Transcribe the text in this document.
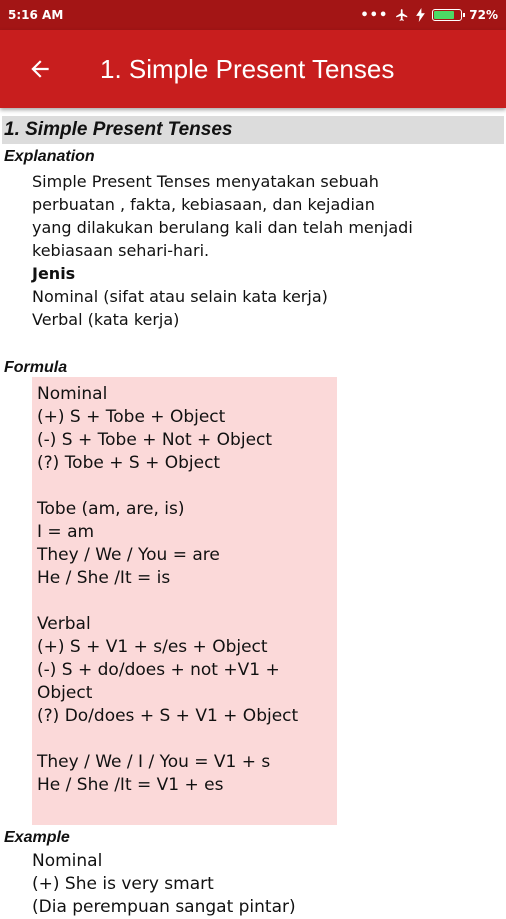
5:16 AM	•••	72%
1. Simple Present Tenses
1. Simple Present Tenses
Explanation
Simple Present Tenses menyatakan sebuah
perbuatan , fakta, kebiasaan, dan kejadian
yang dilakukan berulang kali dan telah menjadi
kebiasaan sehari-hari.
Jenis
Nominal (sifat atau selain kata kerja)
Verbal (kata kerja)
Formula
Nominal
(+) S + Tobe + Object
(-) S + Tobe + Not + Object
(?) Tobe + S + Object
Tobe (am, are, is)
I = am
They / We / You = are
He / She /It = is
Verbal
(+) S + V1 + s/es + Object
(-) S + do/does + not +V1 + Object
(?) Do/does + S + V1 + Object
They / We / I / You = V1 + s
He / She /It = V1 + es
Example
Nominal
(+) She is very smart
(Dia perempuan sangat pintar)
